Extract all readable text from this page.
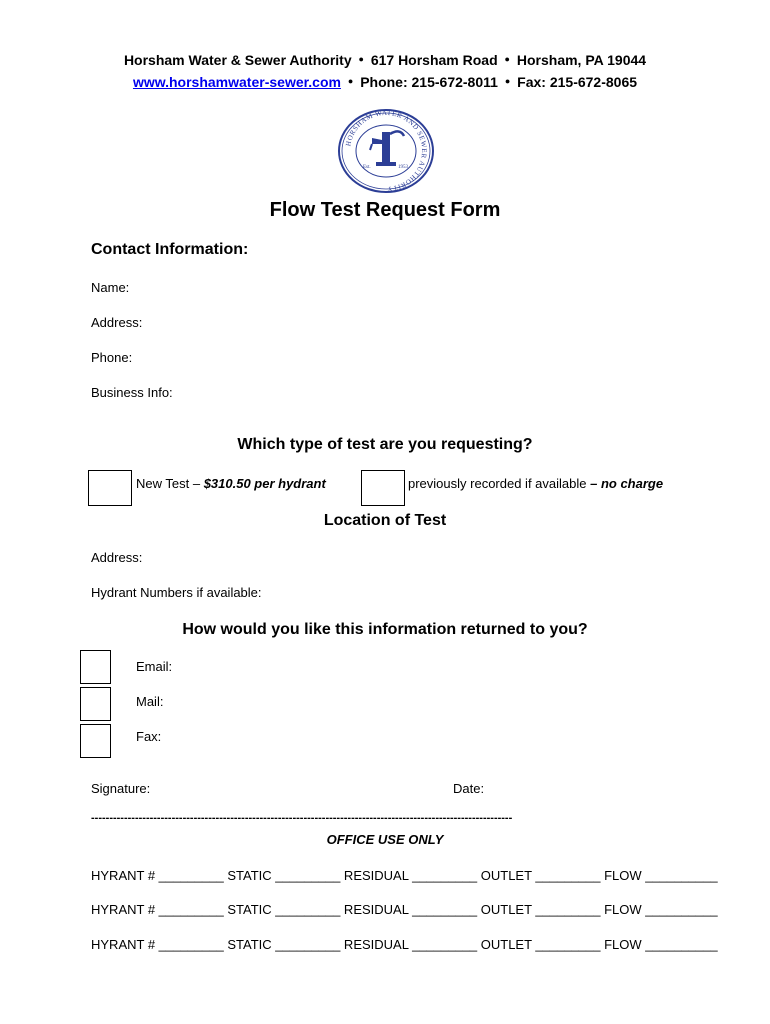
Horsham Water & Sewer Authority ● 617 Horsham Road ● Horsham, PA 19044
www.horshamwater-sewer.com ● Phone: 215-672-8011 ● Fax: 215-672-8065
HORSHAM WATER AND SEWER AUTHORITY
Est.	1953
Flow Test Request Form
Contact Information:
Name:
Address:
Phone:
Business Info:
Which type of test are you requesting?
New Test – $310.50 per hydrant	previously recorded if available – no charge
Location of Test
Address:
Hydrant Numbers if available:
How would you like this information returned to you?
Email:
Mail:
Fax:
Signature:	Date:
-------------------------------------------------------------------------------------------------------------------
OFFICE USE ONLY
HYRANT # _________ STATIC _________ RESIDUAL _________ OUTLET _________ FLOW __________
HYRANT # _________ STATIC _________ RESIDUAL _________ OUTLET _________ FLOW __________
HYRANT # _________ STATIC _________ RESIDUAL _________ OUTLET _________ FLOW __________
